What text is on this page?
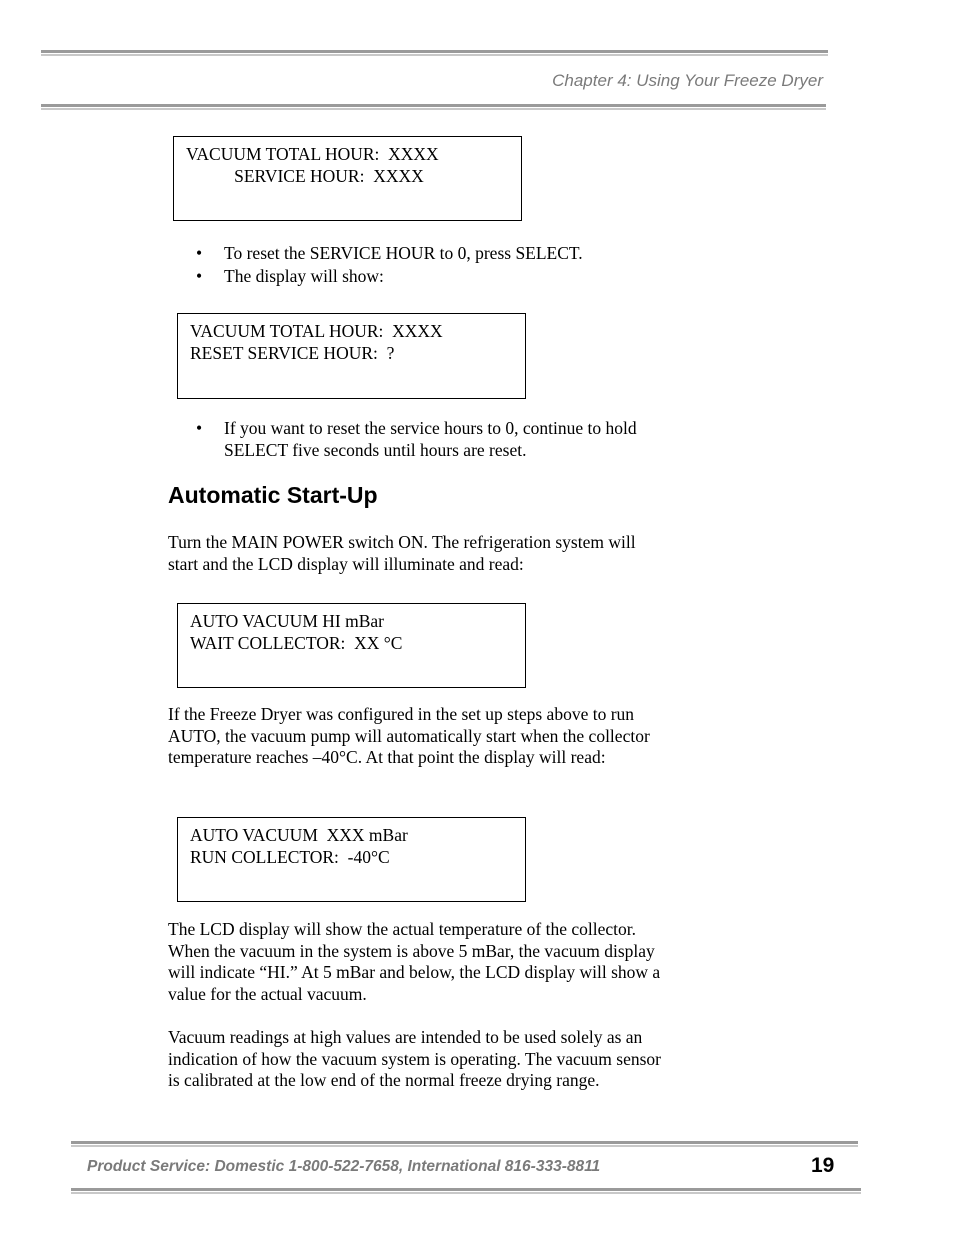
Chapter 4: Using Your Freeze Dryer
VACUUM TOTAL HOUR:  XXXX
SERVICE HOUR:  XXXX
• To reset the SERVICE HOUR to 0, press SELECT.
• The display will show:
VACUUM TOTAL HOUR:  XXXX
RESET SERVICE HOUR:  ?
• If you want to reset the service hours to 0, continue to hold SELECT five seconds until hours are reset.
Automatic Start-Up
Turn the MAIN POWER switch ON. The refrigeration system will start and the LCD display will illuminate and read:
AUTO VACUUM HI mBar
WAIT COLLECTOR:  XX °C
If the Freeze Dryer was configured in the set up steps above to run AUTO, the vacuum pump will automatically start when the collector temperature reaches –40°C. At that point the display will read:
AUTO VACUUM  XXX mBar
RUN COLLECTOR:  -40°C
The LCD display will show the actual temperature of the collector. When the vacuum in the system is above 5 mBar, the vacuum display will indicate “HI.” At 5 mBar and below, the LCD display will show a value for the actual vacuum.
Vacuum readings at high values are intended to be used solely as an indication of how the vacuum system is operating. The vacuum sensor is calibrated at the low end of the normal freeze drying range.
Product Service: Domestic 1-800-522-7658, International 816-333-8811	19
